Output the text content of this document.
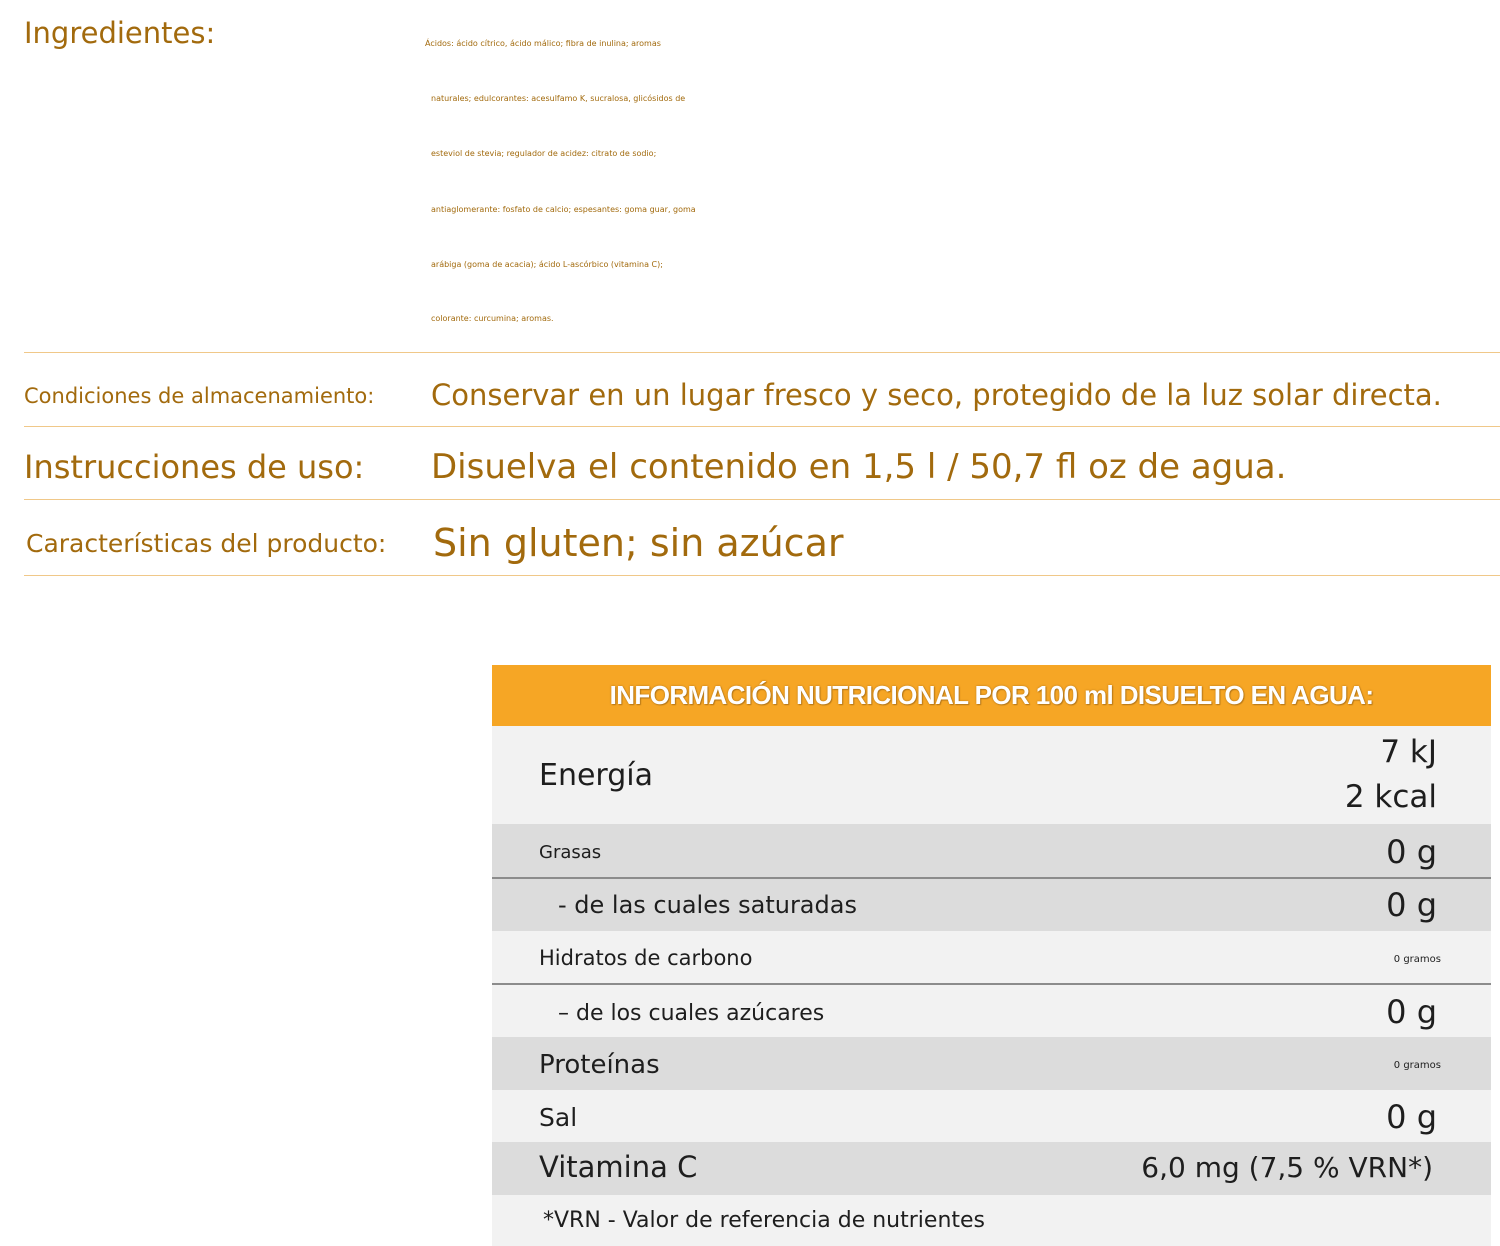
Ingredientes:	Ácidos: ácido cítrico, ácido málico; fibra de inulina; aromas
naturales; edulcorantes: acesulfamo K, sucralosa, glicósidos de
esteviol de stevia; regulador de acidez: citrato de sodio;
antiaglomerante: fosfato de calcio; espesantes: goma guar, goma
arábiga (goma de acacia); ácido L-ascórbico (vitamina C);
colorante: curcumina; aromas.
Condiciones de almacenamiento: Conservar en un lugar fresco y seco, protegido de la luz solar directa.
Instrucciones de uso: Disuelva el contenido en 1,5 l / 50,7 fl oz de agua.
Características del producto: Sin gluten; sin azúcar
INFORMACIÓN NUTRICIONAL POR 100 ml DISUELTO EN AGUA:
Energía
7 kJ
2 kcal
Grasas	0 g
- de las cuales saturadas	0 g
Hidratos de carbono	0 gramos
– de los cuales azúcares	0 g
Proteínas	0 gramos
Sal	0 g
Vitamina C	6,0 mg (7,5 % VRN*)
*VRN - Valor de referencia de nutrientes
